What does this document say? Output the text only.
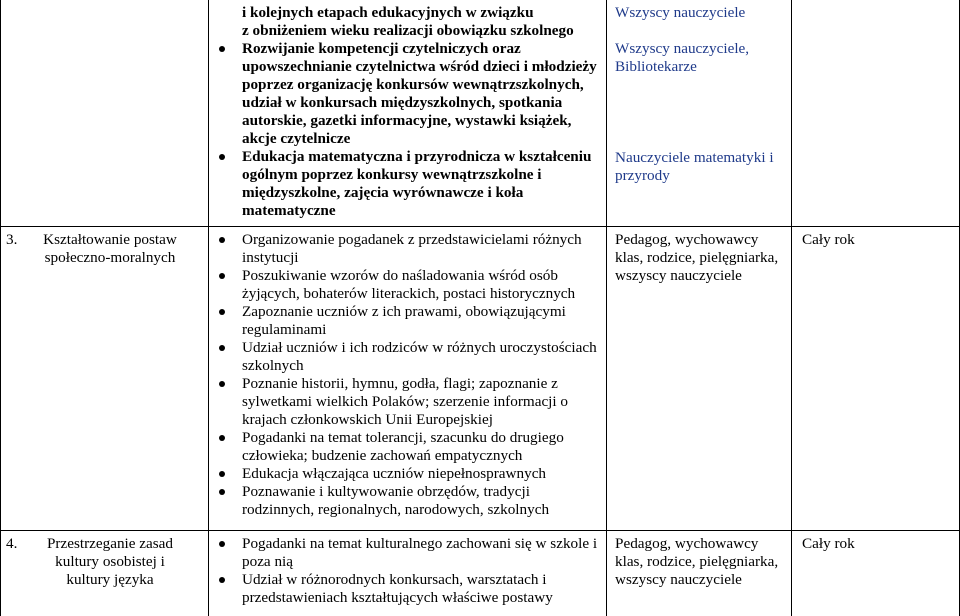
i kolejnych etapach edukacyjnych w związku
z obniżeniem wieku realizacji obowiązku szkolnego
Rozwijanie kompetencji czytelniczych oraz upowszechnianie czytelnictwa wśród dzieci i młodzieży poprzez organizację konkursów wewnątrzszkolnych, udział w konkursach międzyszkolnych, spotkania autorskie, gazetki informacyjne, wystawki książek, akcje czytelnicze
Edukacja matematyczna i przyrodnicza w kształceniu ogólnym poprzez konkursy wewnątrzszkolne i międzyszkolne, zajęcia wyrównawcze i koła matematyczne
Wszyscy nauczyciele
Wszyscy nauczyciele, Bibliotekarze
Nauczyciele matematyki i przyrody
3.	Kształtowanie postaw społeczno-moralnych
Organizowanie pogadanek z przedstawicielami różnych instytucji
Poszukiwanie wzorów do naśladowania wśród osób żyjących, bohaterów literackich, postaci historycznych
Zapoznanie uczniów z ich prawami, obowiązującymi regulaminami
Udział uczniów i ich rodziców w różnych uroczystościach szkolnych
Poznanie historii, hymnu, godła, flagi; zapoznanie z sylwetkami wielkich Polaków; szerzenie informacji o krajach członkowskich Unii Europejskiej
Pogadanki na temat tolerancji, szacunku do drugiego człowieka; budzenie zachowań empatycznych
Edukacja włączająca uczniów niepełnosprawnych
Poznawanie i kultywowanie obrzędów, tradycji rodzinnych, regionalnych, narodowych, szkolnych
Pedagog, wychowawcy klas, rodzice, pielęgniarka, wszyscy nauczyciele
Cały rok
4.	Przestrzeganie zasad kultury osobistej i kultury języka
Pogadanki na temat kulturalnego zachowani się w szkole i poza nią
Udział w różnorodnych konkursach, warsztatach i przedstawieniach kształtujących właściwe postawy
Pedagog, wychowawcy klas, rodzice, pielęgniarka, wszyscy nauczyciele
Cały rok
